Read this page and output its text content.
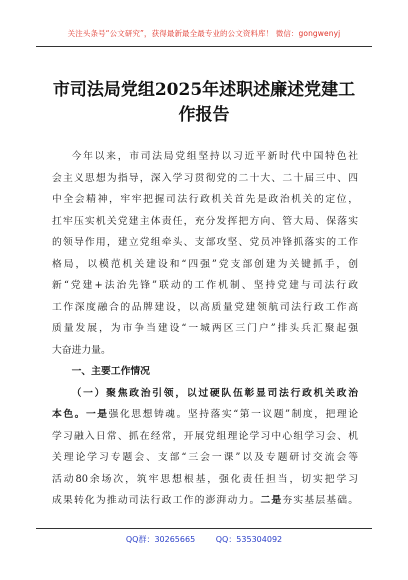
关注头条号“公文研究”，获得最新最全最专业的公文资料库！ 微信：gongwenyj
市司法局党组2025年述职述廉述党建工
作报告
今年以来，市司法局党组坚持以习近平新时代中国特色社
会主义思想为指导，深入学习贯彻党的二十大、二十届三中、四
中全会精神，牢牢把握司法行政机关首先是政治机关的定位，
扛牢压实机关党建主体责任，充分发挥把方向、管大局、保落实
的领导作用，建立党组牵头、支部攻坚、党员冲锋抓落实的工作
格局，以模范机关建设和“四强”党支部创建为关键抓手，创
新“党建+法治先锋”联动的工作机制、坚持党建与司法行政
工作深度融合的品牌建设，以高质量党建领航司法行政工作高
质量发展，为市争当建设“一城两区三门户”排头兵汇聚起强
大奋进力量。
一、主要工作情况
（一）聚焦政治引领，以过硬队伍彰显司法行政机关政治
本色。一是强化思想铸魂。坚持落实“第一议题”制度，把理论
学习融入日常、抓在经常，开展党组理论学习中心组学习会、机
关理论学习专题会、支部“三会一课”以及专题研讨交流会等
活动80余场次，筑牢思想根基，强化责任担当，切实把学习
成果转化为推动司法行政工作的澎湃动力。二是夯实基层基础。
QQ群：30265665	QQ：535304092
